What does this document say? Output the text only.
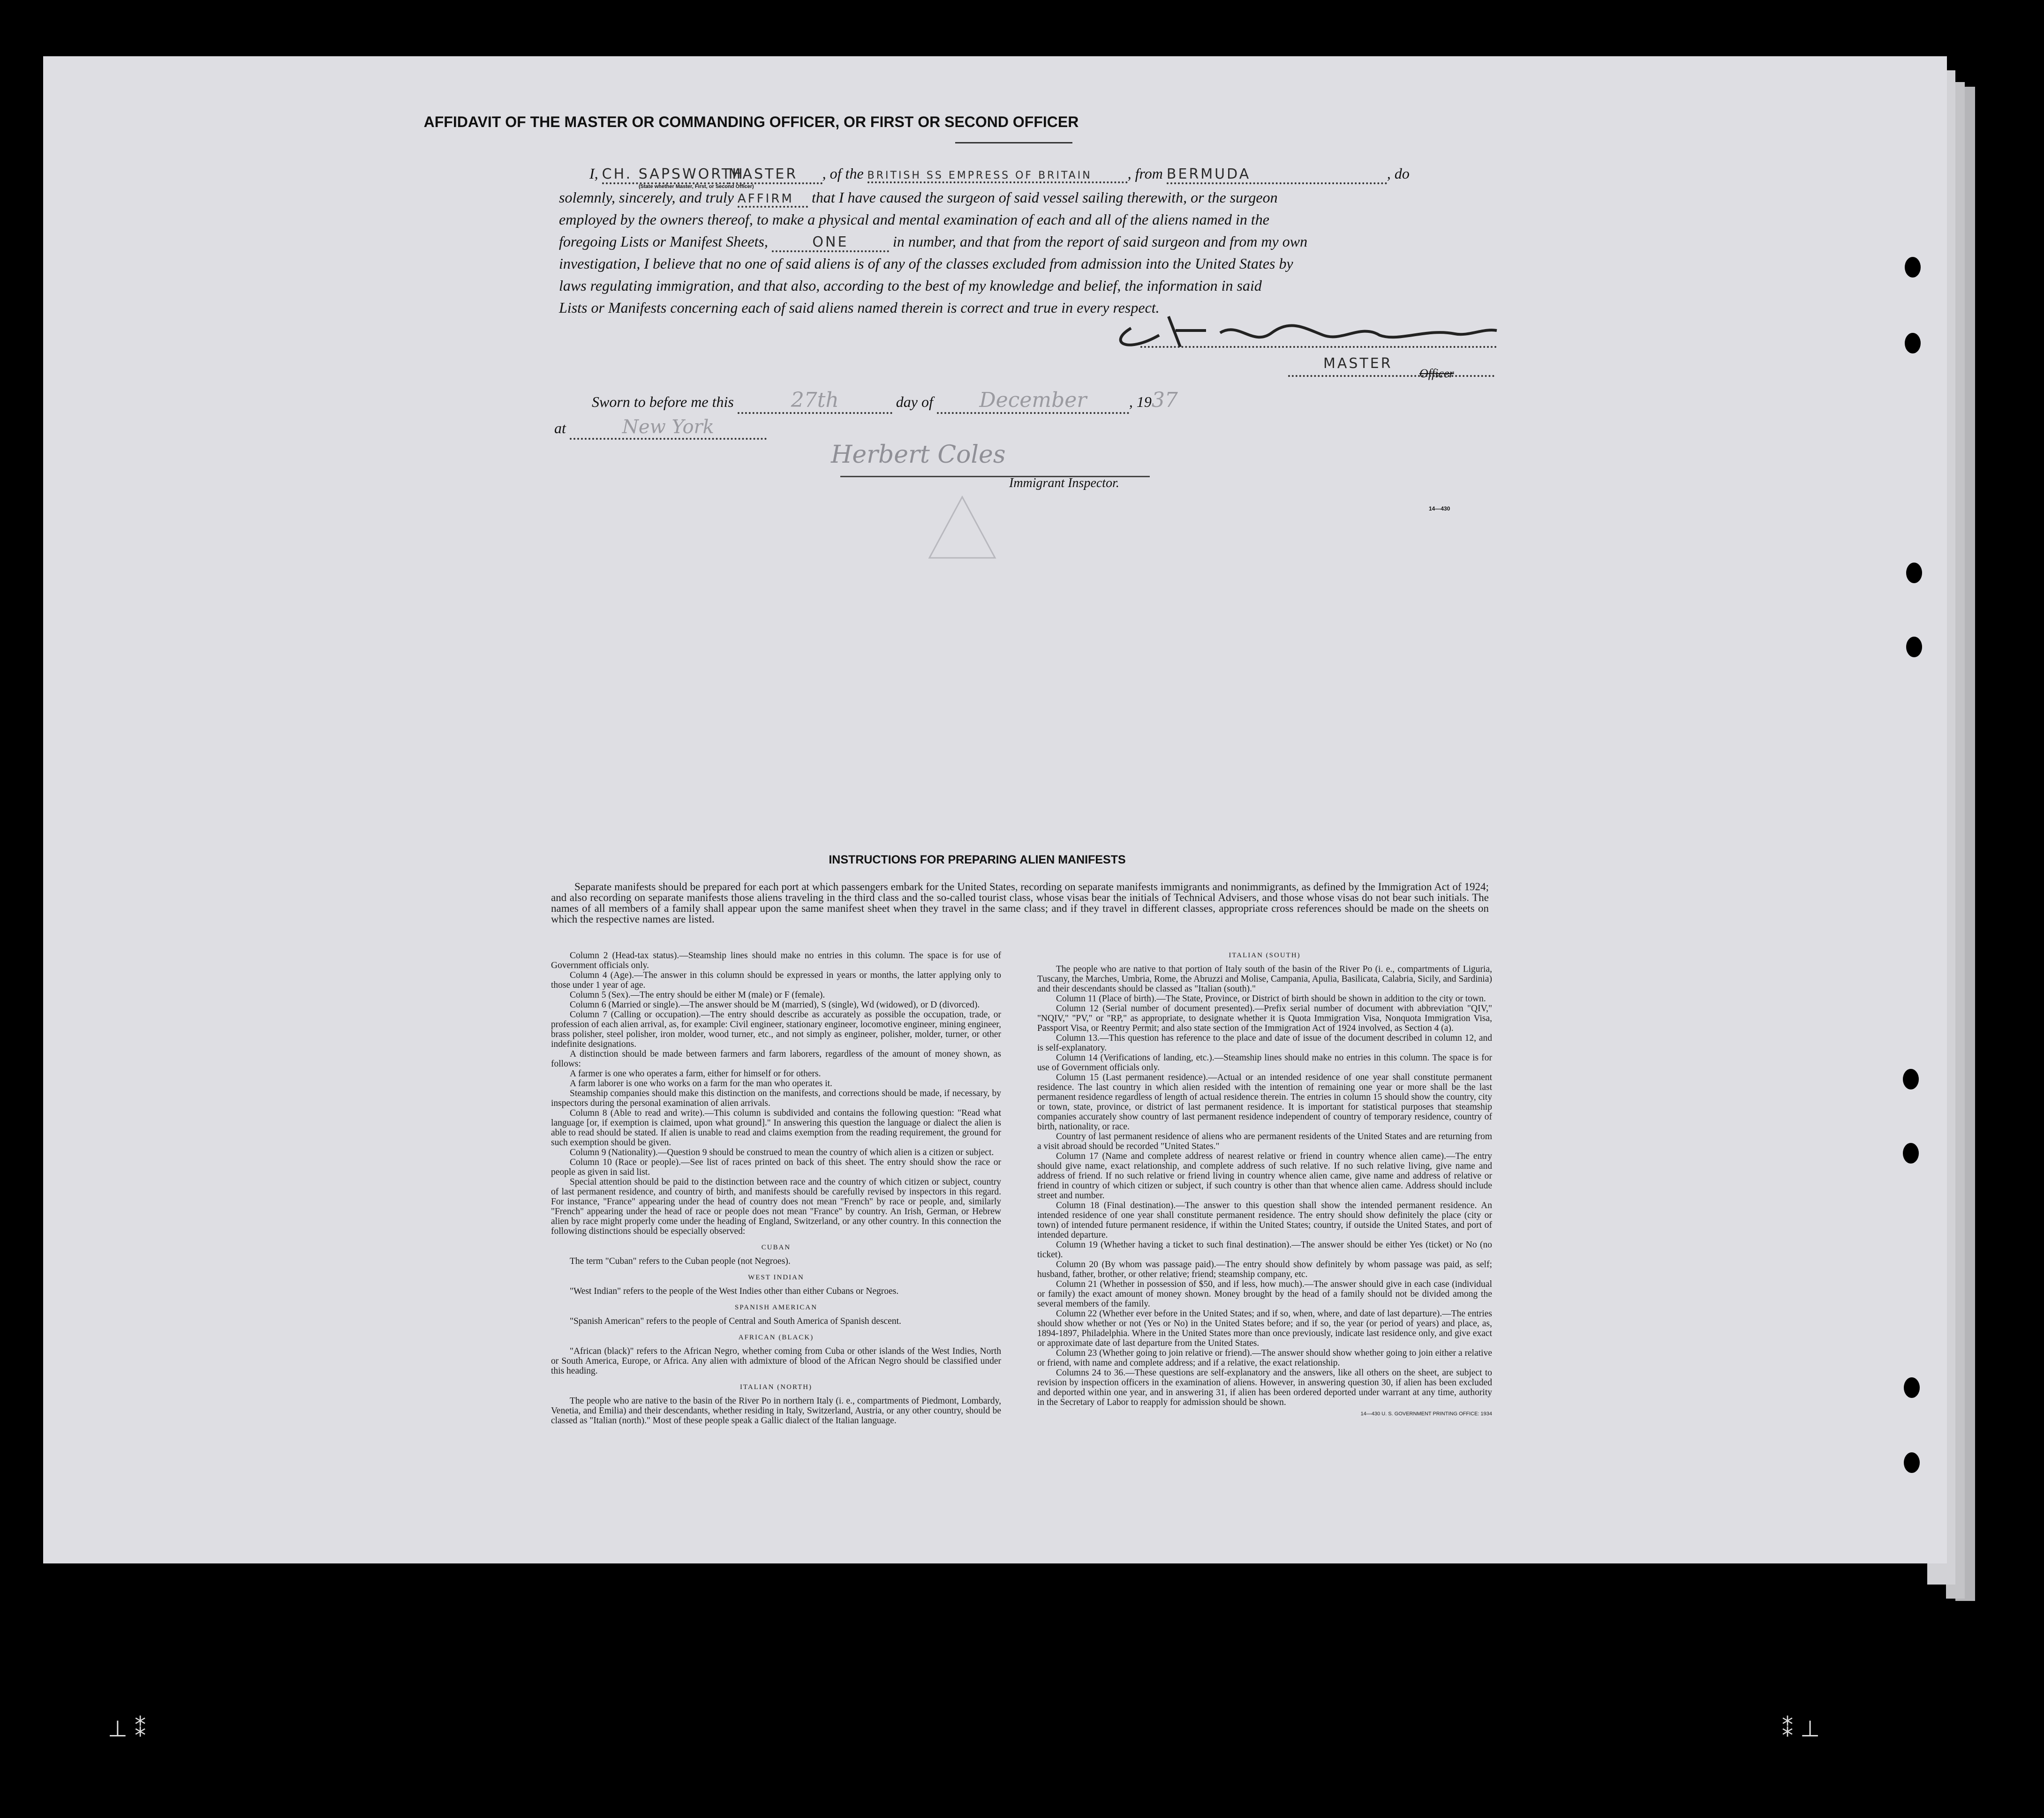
⊥ ⁑	⁑ ⊥
AFFIDAVIT OF THE MASTER OR COMMANDING OFFICER, OR FIRST OR SECOND OFFICER
I, CH. SAPSWORTHMASTER , of the BRITISH SS EMPRESS OF BRITAIN , from BERMUDA	, do
(State whether Master, First, or Second Officer)
solemnly, sincerely, and truly AFFIRM that I have caused the surgeon of said vessel sailing therewith, or the surgeon
employed by the owners thereof, to make a physical and mental examination of each and all of the aliens named in the
foregoing Lists or Manifest Sheets,	ONE	in number, and that from the report of said surgeon and from my own
investigation, I believe that no one of said aliens is of any of the classes excluded from admission into the United States by
laws regulating immigration, and that also, according to the best of my knowledge and belief, the information in said
Lists or Manifests concerning each of said aliens named therein is correct and true in every respect.
MASTER
Officer
Sworn to before me this	27th	day of December	, 1937
at	New York
Herbert Coles
Immigrant Inspector.
14—430
INSTRUCTIONS FOR PREPARING ALIEN MANIFESTS
Separate manifests should be prepared for each port at which passengers embark for the United States, recording on separate manifests immigrants and nonimmigrants, as defined by the Immigration Act of 1924; and also recording on separate manifests those aliens traveling in the third class and the so-called tourist class, whose visas bear the initials of Technical Advisers, and those whose visas do not bear such initials. The names of all members of a family shall appear upon the same manifest sheet when they travel in the same class; and if they travel in different classes, appropriate cross references should be made on the sheets on which the respective names are listed.

Column 2 (Head-tax status).—Steamship lines should make no entries in this column. The space is for use of Government officials only.

Column 4 (Age).—The answer in this column should be expressed in years or months, the latter applying only to those under 1 year of age.

Column 5 (Sex).—The entry should be either M (male) or F (female).

Column 6 (Married or single).—The answer should be M (married), S (single), Wd (widowed), or D (divorced).

Column 7 (Calling or occupation).—The entry should describe as accurately as possible the occupation, trade, or profession of each alien arrival, as, for example: Civil engineer, stationary engineer, locomotive engineer, mining engineer, brass polisher, steel polisher, iron molder, wood turner, etc., and not simply as engineer, polisher, molder, turner, or other indefinite designations.

A distinction should be made between farmers and farm laborers, regardless of the amount of money shown, as follows:

A farmer is one who operates a farm, either for himself or for others.

A farm laborer is one who works on a farm for the man who operates it.

Steamship companies should make this distinction on the manifests, and corrections should be made, if necessary, by inspectors during the personal examination of alien arrivals.

Column 8 (Able to read and write).—This column is subdivided and contains the following question: "Read what language [or, if exemption is claimed, upon what ground]." In answering this question the language or dialect the alien is able to read should be stated. If alien is unable to read and claims exemption from the reading requirement, the ground for such exemption should be given.

Column 9 (Nationality).—Question 9 should be construed to mean the country of which alien is a citizen or subject.

Column 10 (Race or people).—See list of races printed on back of this sheet. The entry should show the race or people as given in said list.

Special attention should be paid to the distinction between race and the country of which citizen or subject, country of last permanent residence, and country of birth, and manifests should be carefully revised by inspectors in this regard. For instance, "France" appearing under the head of country does not mean "French" by race or people, and, similarly "French" appearing under the head of race or people does not mean "France" by country. An Irish, German, or Hebrew alien by race might properly come under the heading of England, Switzerland, or any other country. In this connection the following distinctions should be especially observed:

CUBAN

The term "Cuban" refers to the Cuban people (not Negroes).

WEST INDIAN

"West Indian" refers to the people of the West Indies other than either Cubans or Negroes.

SPANISH AMERICAN

"Spanish American" refers to the people of Central and South America of Spanish descent.

AFRICAN (BLACK)

"African (black)" refers to the African Negro, whether coming from Cuba or other islands of the West Indies, North or South America, Europe, or Africa. Any alien with admixture of blood of the African Negro should be classified under this heading.

ITALIAN (NORTH)

The people who are native to the basin of the River Po in northern Italy (i. e., compartments of Piedmont, Lombardy, Venetia, and Emilia) and their descendants, whether residing in Italy, Switzerland, Austria, or any other country, should be classed as "Italian (north)." Most of these people speak a Gallic dialect of the Italian language.

ITALIAN (SOUTH)

The people who are native to that portion of Italy south of the basin of the River Po (i. e., compartments of Liguria, Tuscany, the Marches, Umbria, Rome, the Abruzzi and Molise, Campania, Apulia, Basilicata, Calabria, Sicily, and Sardinia) and their descendants should be classed as "Italian (south)."

Column 11 (Place of birth).—The State, Province, or District of birth should be shown in addition to the city or town.

Column 12 (Serial number of document presented).—Prefix serial number of document with abbreviation "QIV," "NQIV," "PV," or "RP," as appropriate, to designate whether it is Quota Immigration Visa, Nonquota Immigration Visa, Passport Visa, or Reentry Permit; and also state section of the Immigration Act of 1924 involved, as Section 4 (a).

Column 13.—This question has reference to the place and date of issue of the document described in column 12, and is self-explanatory.

Column 14 (Verifications of landing, etc.).—Steamship lines should make no entries in this column. The space is for use of Government officials only.

Column 15 (Last permanent residence).—Actual or an intended residence of one year shall constitute permanent residence. The last country in which alien resided with the intention of remaining one year or more shall be the last permanent residence regardless of length of actual residence therein. The entries in column 15 should show the country, city or town, state, province, or district of last permanent residence. It is important for statistical purposes that steamship companies accurately show country of last permanent residence independent of country of temporary residence, country of birth, nationality, or race.

Country of last permanent residence of aliens who are permanent residents of the United States and are returning from a visit abroad should be recorded "United States."

Column 17 (Name and complete address of nearest relative or friend in country whence alien came).—The entry should give name, exact relationship, and complete address of such relative. If no such relative living, give name and address of friend. If no such relative or friend living in country whence alien came, give name and address of relative or friend in country of which citizen or subject, if such country is other than that whence alien came. Address should include street and number.

Column 18 (Final destination).—The answer to this question shall show the intended permanent residence. An intended residence of one year shall constitute permanent residence. The entry should show definitely the place (city or town) of intended future permanent residence, if within the United States; country, if outside the United States, and port of intended departure.

Column 19 (Whether having a ticket to such final destination).—The answer should be either Yes (ticket) or No (no ticket).

Column 20 (By whom was passage paid).—The entry should show definitely by whom passage was paid, as self; husband, father, brother, or other relative; friend; steamship company, etc.

Column 21 (Whether in possession of $50, and if less, how much).—The answer should give in each case (individual or family) the exact amount of money shown. Money brought by the head of a family should not be divided among the several members of the family.

Column 22 (Whether ever before in the United States; and if so, when, where, and date of last departure).—The entries should show whether or not (Yes or No) in the United States before; and if so, the year (or period of years) and place, as, 1894-1897, Philadelphia. Where in the United States more than once previously, indicate last residence only, and give exact or approximate date of last departure from the United States.

Column 23 (Whether going to join relative or friend).—The answer should show whether going to join either a relative or friend, with name and complete address; and if a relative, the exact relationship.

Columns 24 to 36.—These questions are self-explanatory and the answers, like all others on the sheet, are subject to revision by inspection officers in the examination of aliens. However, in answering question 30, if alien has been excluded and deported within one year, and in answering 31, if alien has been ordered deported under warrant at any time, authority in the Secretary of Labor to reapply for admission should be shown.

14—430 U. S. GOVERNMENT PRINTING OFFICE: 1934
